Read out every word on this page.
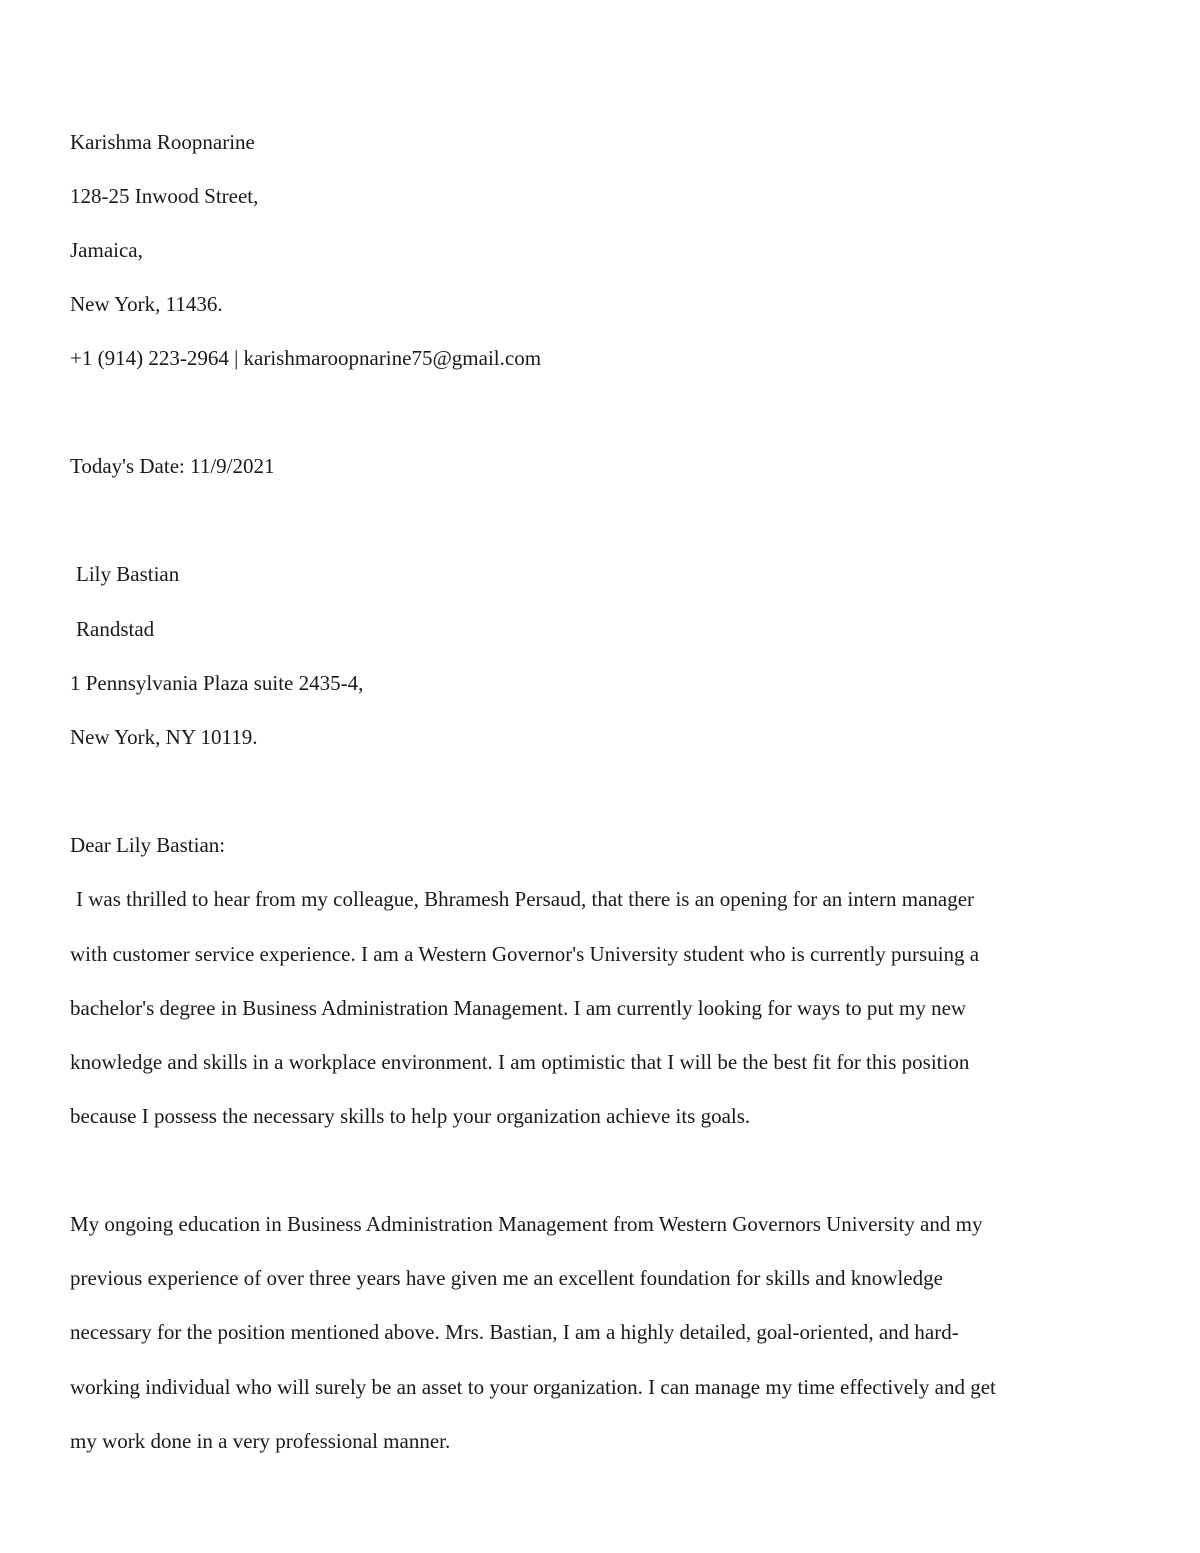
Karishma Roopnarine
128-25 Inwood Street,
Jamaica,
New York, 11436.
+1 (914) 223-2964 | karishmaroopnarine75@gmail.com
Today's Date: 11/9/2021
Lily Bastian
Randstad
1 Pennsylvania Plaza suite 2435-4,
New York, NY 10119.
Dear Lily Bastian:
I was thrilled to hear from my colleague, Bhramesh Persaud, that there is an opening for an intern manager
with customer service experience. I am a Western Governor's University student who is currently pursuing a
bachelor's degree in Business Administration Management. I am currently looking for ways to put my new
knowledge and skills in a workplace environment. I am optimistic that I will be the best fit for this position
because I possess the necessary skills to help your organization achieve its goals.
My ongoing education in Business Administration Management from Western Governors University and my
previous experience of over three years have given me an excellent foundation for skills and knowledge
necessary for the position mentioned above. Mrs. Bastian, I am a highly detailed, goal-oriented, and hard-
working individual who will surely be an asset to your organization. I can manage my time effectively and get
my work done in a very professional manner.
